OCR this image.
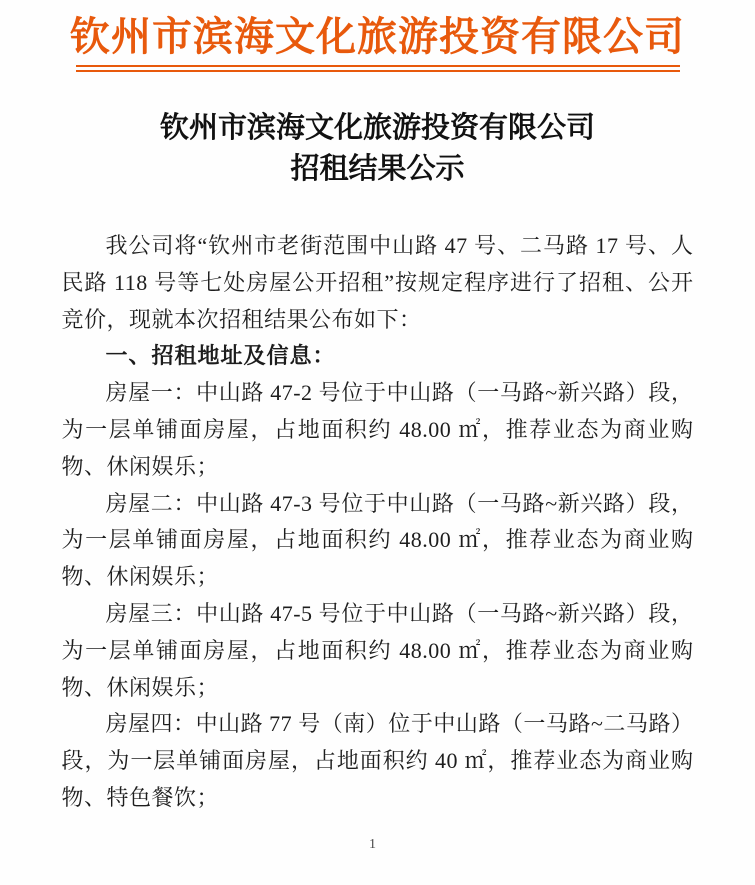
钦州市滨海文化旅游投资有限公司
钦州市滨海文化旅游投资有限公司
招租结果公示

我公司将“钦州市老街范围中山路 47 号、二马路 17 号、人民路 118 号等七处房屋公开招租”按规定程序进行了招租、公开竞价，现就本次招租结果公布如下：

一、招租地址及信息：

房屋一：中山路 47-2 号位于中山路（一马路~新兴路）段，为一层单铺面房屋，占地面积约 48.00 ㎡，推荐业态为商业购物、休闲娱乐；

房屋二：中山路 47-3 号位于中山路（一马路~新兴路）段，为一层单铺面房屋，占地面积约 48.00 ㎡，推荐业态为商业购物、休闲娱乐；

房屋三：中山路 47-5 号位于中山路（一马路~新兴路）段，为一层单铺面房屋，占地面积约 48.00 ㎡，推荐业态为商业购物、休闲娱乐；

房屋四：中山路 77 号（南）位于中山路（一马路~二马路）段，为一层单铺面房屋，占地面积约 40 ㎡，推荐业态为商业购物、特色餐饮；

1
